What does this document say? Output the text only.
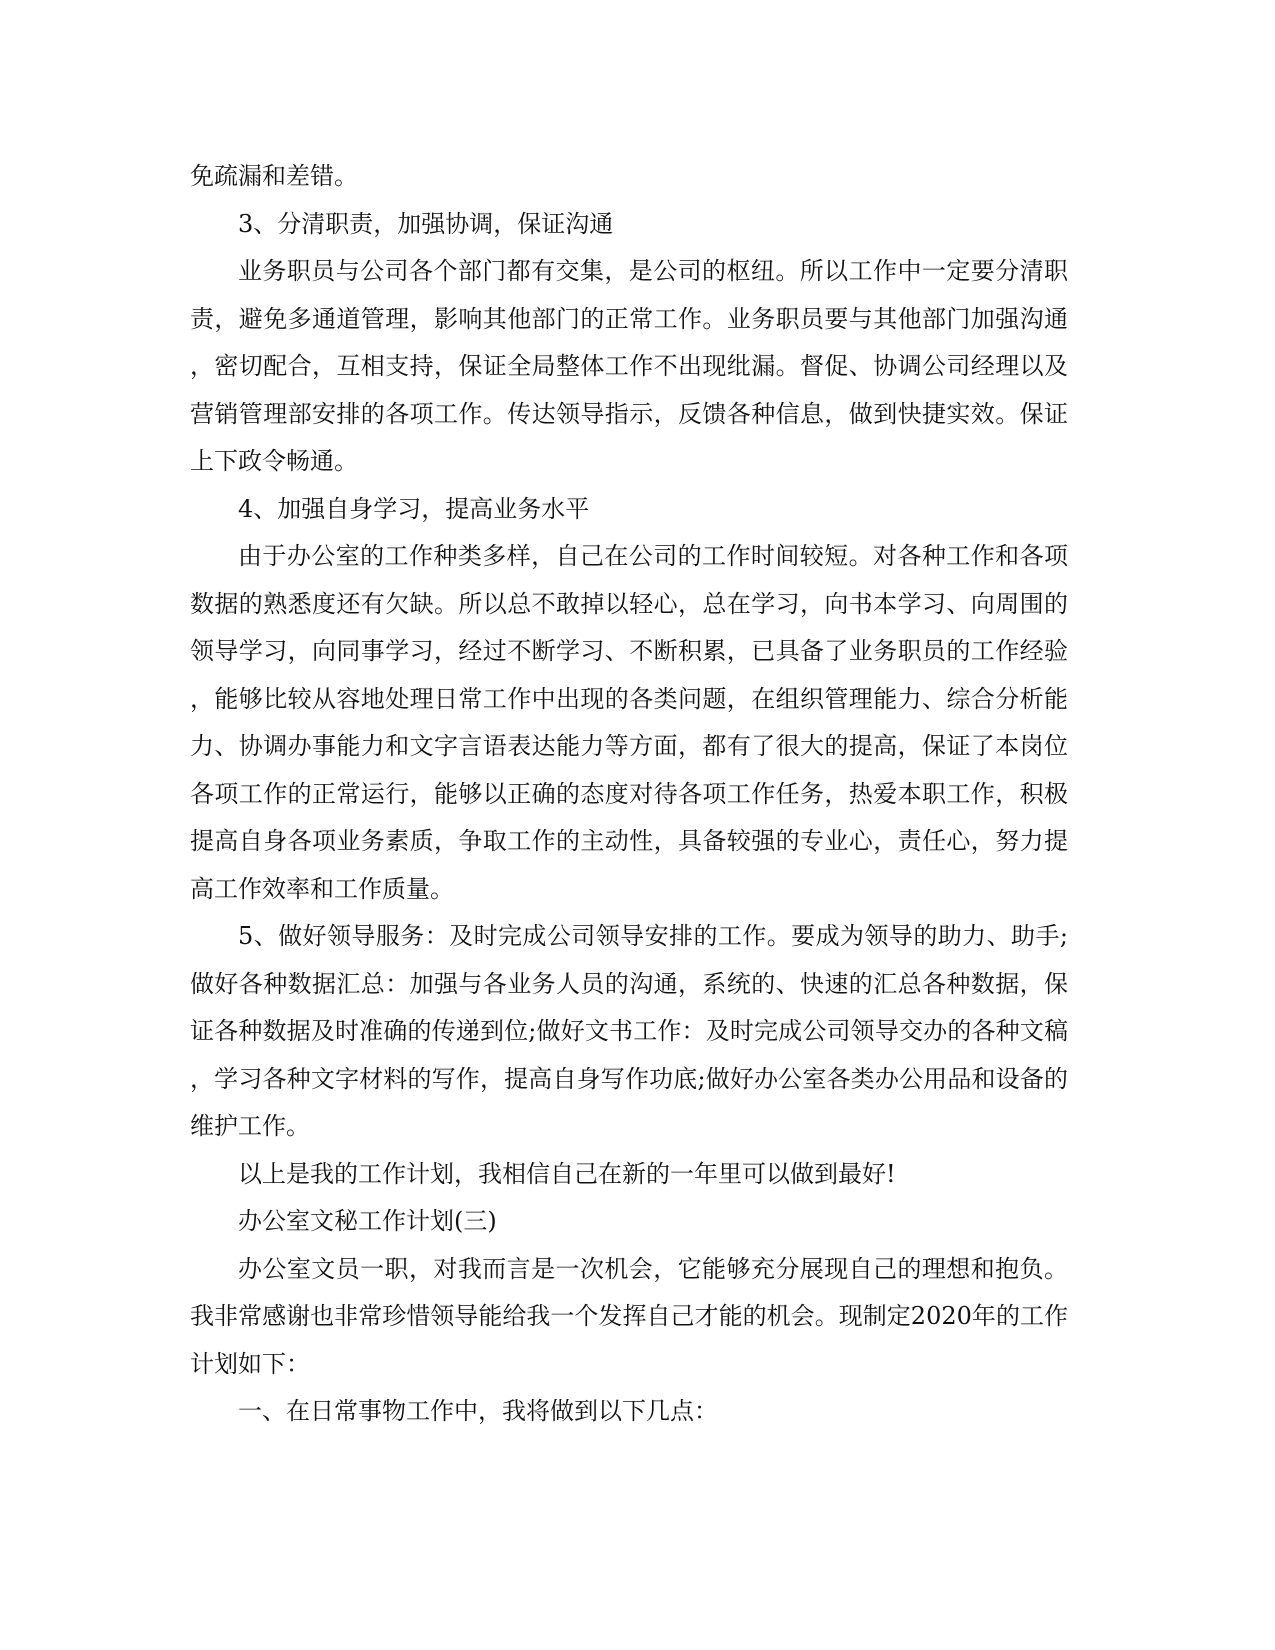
免疏漏和差错。

3、分清职责，加强协调，保证沟通

业务职员与公司各个部门都有交集，是公司的枢纽。所以工作中一定要分清职责，避免多通道管理，影响其他部门的正常工作。业务职员要与其他部门加强沟通，密切配合，互相支持，保证全局整体工作不出现纰漏。督促、协调公司经理以及营销管理部安排的各项工作。传达领导指示，反馈各种信息，做到快捷实效。保证上下政令畅通。

4、加强自身学习，提高业务水平

由于办公室的工作种类多样，自己在公司的工作时间较短。对各种工作和各项数据的熟悉度还有欠缺。所以总不敢掉以轻心，总在学习，向书本学习、向周围的领导学习，向同事学习，经过不断学习、不断积累，已具备了业务职员的工作经验，能够比较从容地处理日常工作中出现的各类问题，在组织管理能力、综合分析能力、协调办事能力和文字言语表达能力等方面，都有了很大的提高，保证了本岗位各项工作的正常运行，能够以正确的态度对待各项工作任务，热爱本职工作，积极提高自身各项业务素质，争取工作的主动性，具备较强的专业心，责任心，努力提高工作效率和工作质量。

5、做好领导服务：及时完成公司领导安排的工作。要成为领导的助力、助手;做好各种数据汇总：加强与各业务人员的沟通，系统的、快速的汇总各种数据，保证各种数据及时准确的传递到位;做好文书工作：及时完成公司领导交办的各种文稿，学习各种文字材料的写作，提高自身写作功底;做好办公室各类办公用品和设备的维护工作。

以上是我的工作计划，我相信自己在新的一年里可以做到最好!

办公室文秘工作计划(三)

办公室文员一职，对我而言是一次机会，它能够充分展现自己的理想和抱负。我非常感谢也非常珍惜领导能给我一个发挥自己才能的机会。现制定2020年的工作计划如下：

一、在日常事物工作中，我将做到以下几点：
